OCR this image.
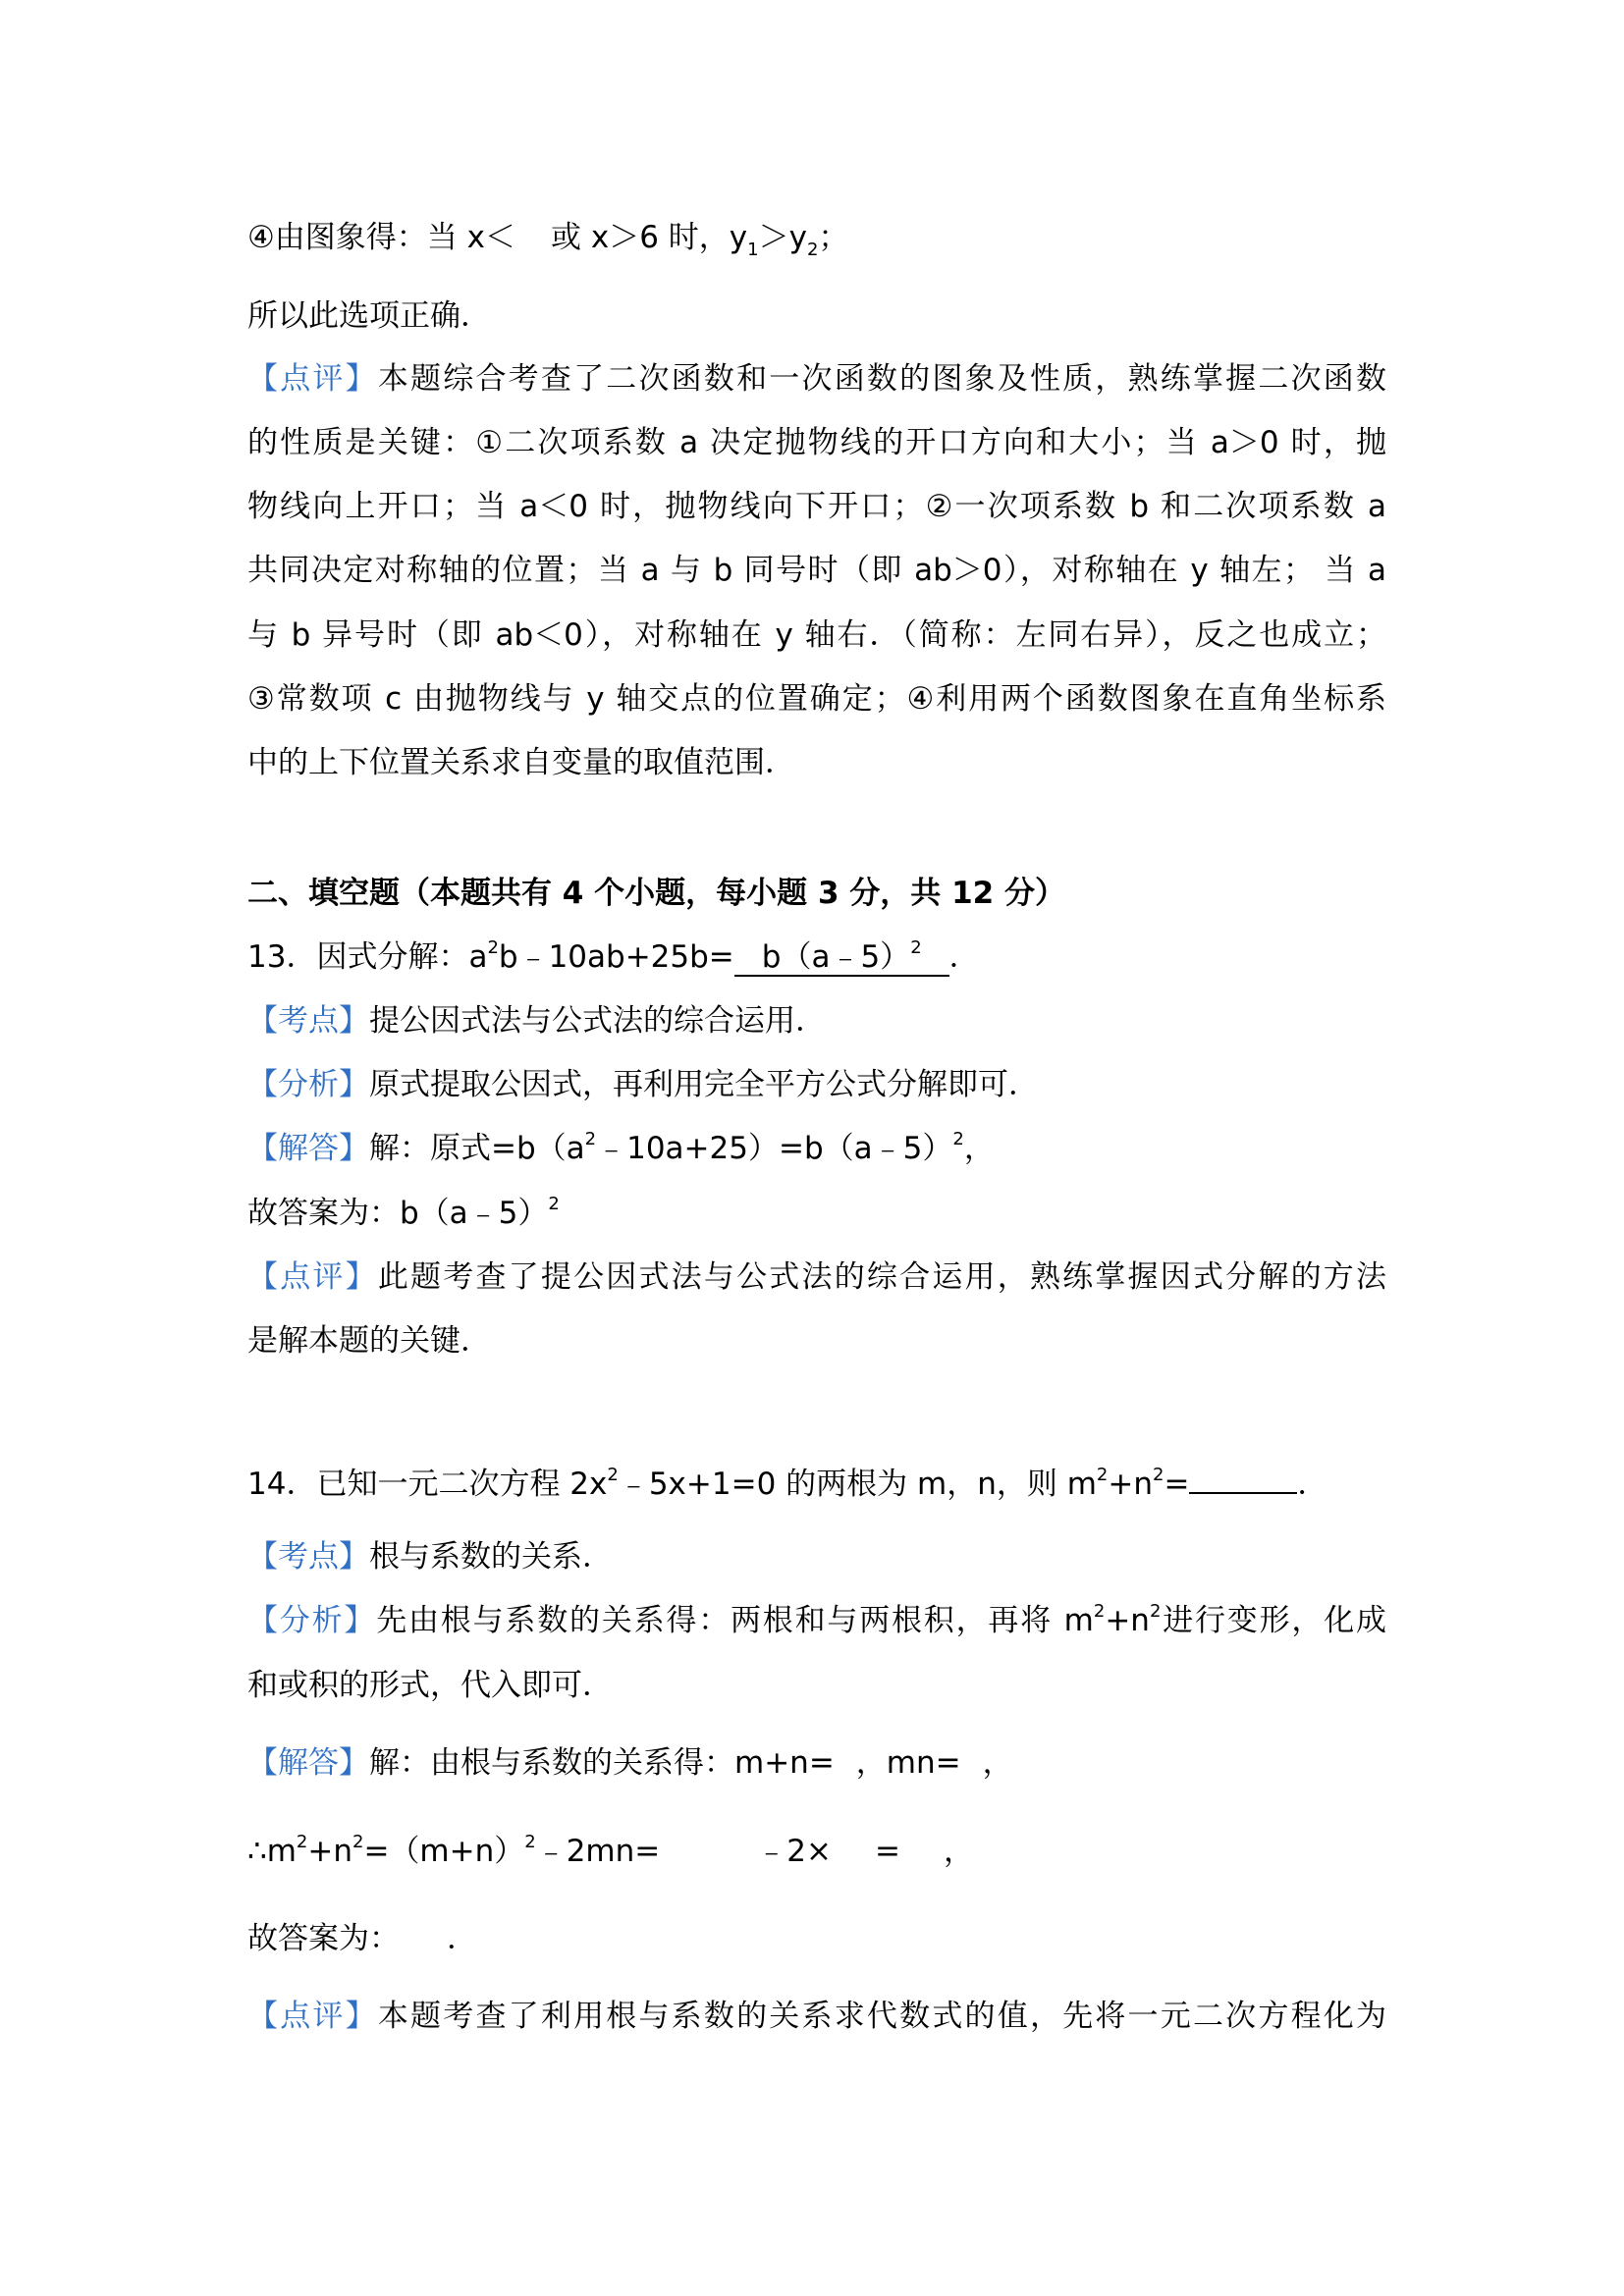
④由图象得：当 x＜ 或 x＞6 时，$y_1>y_2$；
所以此选项正确．
【点评】本题综合考查了二次函数和一次函数的图象及性质，熟练掌握二次函数
的性质是关键：①二次项系数 a 决定抛物线的开口方向和大小；当 a＞0 时，抛
物线向上开口；当 a＜0 时，抛物线向下开口；②一次项系数 b 和二次项系数 a
共同决定对称轴的位置；当 a 与 b 同号时（即 ab＞0），对称轴在 y 轴左； 当 a
与 b 异号时（即 ab＜0），对称轴在 y 轴右．（简称：左同右异），反之也成立；
③常数项 c 由抛物线与 y 轴交点的位置确定；④利用两个函数图象在直角坐标系
中的上下位置关系求自变量的取值范围．
二、填空题（本题共有 4 个小题，每小题 3 分，共 12 分）
13．因式分解：$a^2b﹣10ab+25b=$ b（a﹣5）$^2$ ．
【考点】提公因式法与公式法的综合运用．
【分析】原式提取公因式，再利用完全平方公式分解即可．
【解答】解：原式$=b(a^2﹣10a+25)=b(a﹣5)^2$，
故答案为：b（a﹣5）$^2$
【点评】此题考查了提公因式法与公式法的综合运用，熟练掌握因式分解的方法
是解本题的关键．
14．已知一元二次方程 $2x^2﹣5x+1=0$ 的两根为 m，n，则 $m^2+n^2=$	．
【考点】根与系数的关系．
【分析】先由根与系数的关系得：两根和与两根积，再将 $m^2+n^2$进行变形，化成
和或积的形式，代入即可．
【解答】解：由根与系数的关系得：m+n= ，mn= ，
$\therefore m^2+n^2=(m+n)^2﹣2mn=$	﹣2× = ，
故答案为： ．
【点评】本题考查了利用根与系数的关系求代数式的值，先将一元二次方程化为
